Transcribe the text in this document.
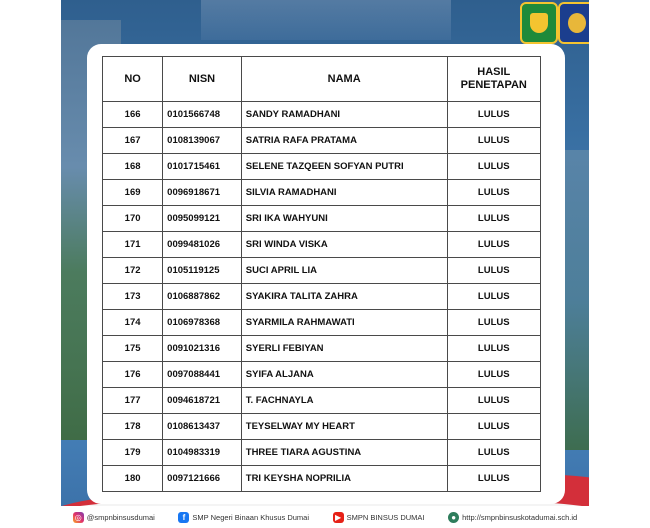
NO	NISN	NAMA	HASIL PENETAPAN
166	0101566748	SANDY RAMADHANI	LULUS
167	0108139067	SATRIA RAFA PRATAMA	LULUS
168	0101715461	SELENE TAZQEEN SOFYAN PUTRI	LULUS
169	0096918671	SILVIA RAMADHANI	LULUS
170	0095099121	SRI IKA WAHYUNI	LULUS
171	0099481026	SRI WINDA VISKA	LULUS
172	0105119125	SUCI APRIL LIA	LULUS
173	0106887862	SYAKIRA TALITA ZAHRA	LULUS
174	0106978368	SYARMILA RAHMAWATI	LULUS
175	0091021316	SYERLI FEBIYAN	LULUS
176	0097088441	SYIFA ALJANA	LULUS
177	0094618721	T. FACHNAYLA	LULUS
178	0108613437	TEYSELWAY MY HEART	LULUS
179	0104983319	THREE TIARA AGUSTINA	LULUS
180	0097121666	TRI KEYSHA NOPRILIA	LULUS
◎ @smpnbinsusdumai	f SMP Negeri Binaan Khusus Dumai	▶ SMPN BINSUS DUMAI	● http://smpnbinsuskotadumai.sch.id
